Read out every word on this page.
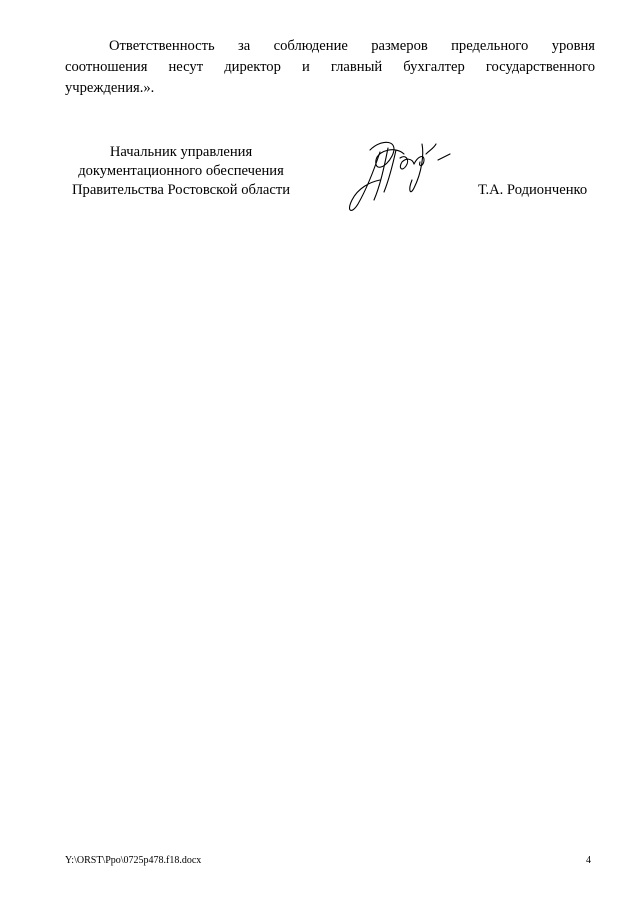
Ответственность за соблюдение размеров предельного уровня
соотношения несут директор и главный бухгалтер государственного
учреждения.».
Начальник управления
документационного обеспечения
Правительства Ростовской области	Т.А. Родионченко
Y:\ORST\Ppo\0725p478.f18.docx	4
